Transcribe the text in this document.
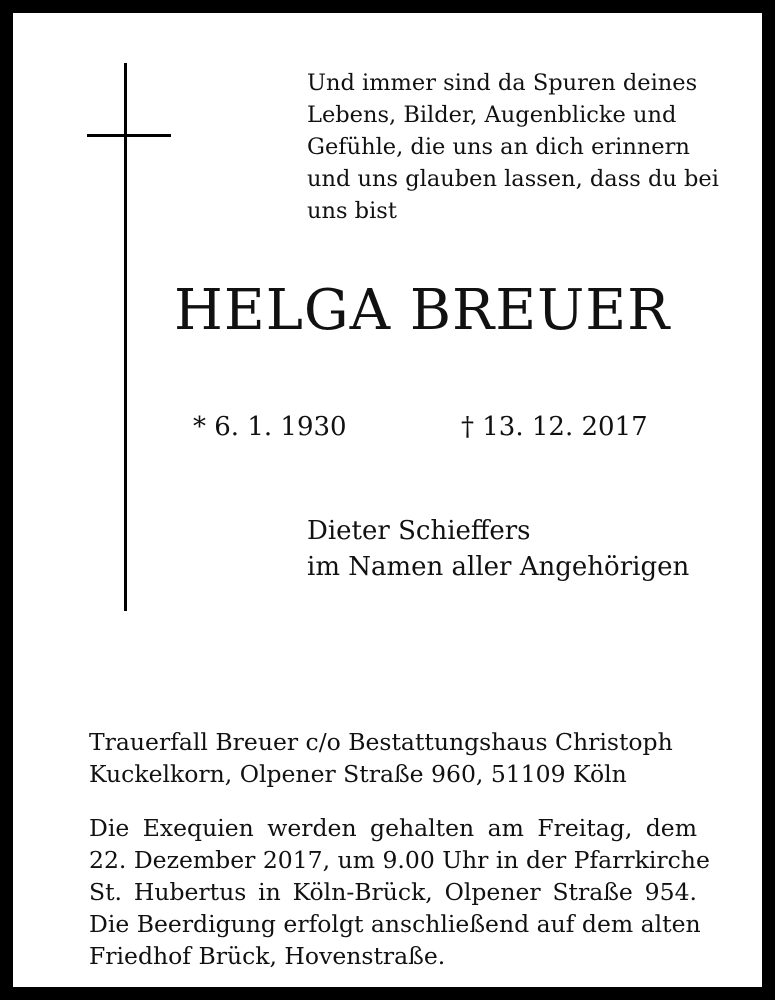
Und immer sind da Spuren deines
Lebens, Bilder, Augenblicke und
Gefühle, die uns an dich erinnern
und uns glauben lassen, dass du bei
uns bist
HELGA BREUER
* 6. 1. 1930	† 13. 12. 2017
Dieter Schieffers
im Namen aller Angehörigen
Trauerfall Breuer c/o Bestattungshaus Christoph
Kuckelkorn, Olpener Straße 960, 51109 Köln
Die Exequien werden gehalten am Freitag, dem
22. Dezember 2017, um 9.00 Uhr in der Pfarrkirche
St. Hubertus in Köln-Brück, Olpener Straße 954.
Die Beerdigung erfolgt anschließend auf dem alten
Friedhof Brück, Hovenstraße.
